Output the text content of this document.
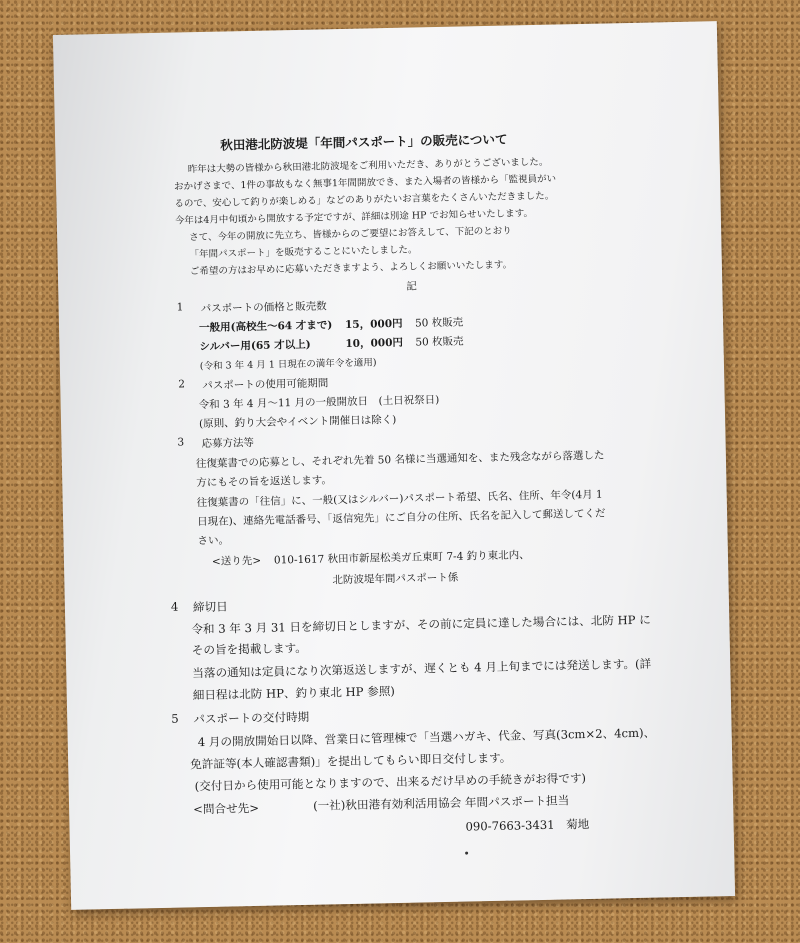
秋田港北防波堤「年間パスポート」の販売について
昨年は大勢の皆様から秋田港北防波堤をご利用いただき、ありがとうございました。
おかげさまで、1件の事故もなく無事1年間開放でき、また入場者の皆様から「監視員がい
るので、安心して釣りが楽しめる」などのありがたいお言葉をたくさんいただきました。
今年は4月中旬頃から開放する予定ですが、詳細は別途 HP でお知らせいたします。
さて、今年の開放に先立ち、皆様からのご要望にお答えして、下記のとおり
「年間パスポート」を販売することにいたしました。
ご希望の方はお早めに応募いただきますよう、よろしくお願いいたします。
記
1 パスポートの価格と販売数
一般用(高校生～64 才まで) 15，000円 50 枚販売
シルバー用(65 才以上)	10，000円 50 枚販売
(令和 3 年 4 月 1 日現在の満年令を適用)
2 パスポートの使用可能期間
令和 3 年 4 月～11 月の一般開放日　(土日祝祭日)
(原則、釣り大会やイベント開催日は除く)
3 応募方法等
往復葉書での応募とし、それぞれ先着 50 名様に当選通知を、また残念ながら落選した
方にもその旨を返送します。
往復葉書の「往信」に、一般(又はシルバー)パスポート希望、氏名、住所、年令(4月 1
日現在)、連絡先電話番号、「返信宛先」にご自分の住所、氏名を記入して郵送してくだ
さい。
<送り先> 010-1617 秋田市新屋松美ガ丘東町 7-4 釣り東北内、
北防波堤年間パスポート係
4 締切日
令和 3 年 3 月 31 日を締切日としますが、その前に定員に達した場合には、北防 HP に
その旨を掲載します。
当落の通知は定員になり次第返送しますが、遅くとも 4 月上旬までには発送します。(詳
細日程は北防 HP、釣り東北 HP 参照)
5 パスポートの交付時期
4 月の開放開始日以降、営業日に管理棟で「当選ハガキ、代金、写真(3cm×2、4cm)、
免許証等(本人確認書類)」を提出してもらい即日交付します。
(交付日から使用可能となりますので、出来るだけ早めの手続きがお得です)
<問合せ先>	(一社)秋田港有効利活用協会 年間パスポート担当
090-7663-3431　菊地
